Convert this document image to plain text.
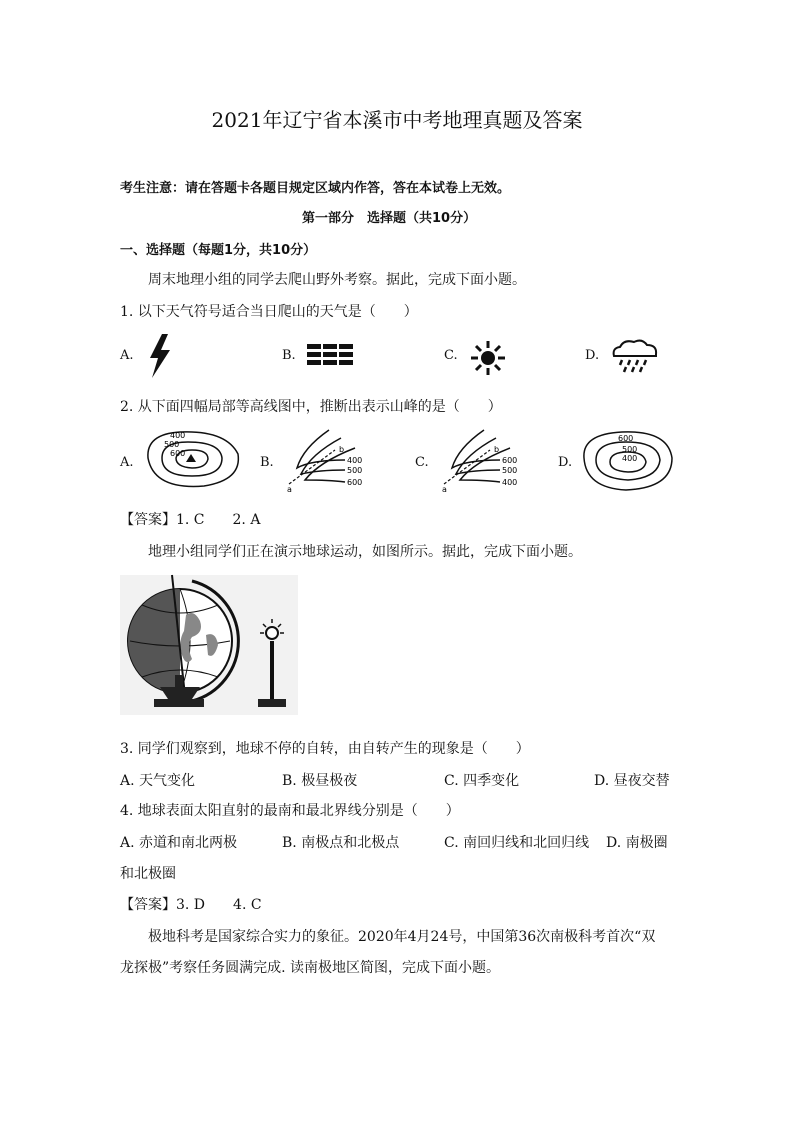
2021年辽宁省本溪市中考地理真题及答案
考生注意：请在答题卡各题目规定区域内作答，答在本试卷上无效。
第一部分　选择题（共10分）
一、选择题（每题1分，共10分）
周末地理小组的同学去爬山野外考察。据此，完成下面小题。
1. 以下天气符号适合当日爬山的天气是（　　）
A.	B.	C.	D.
2. 从下面四幅局部等高线图中，推断出表示山峰的是（　　）
A.
400
500
600
B.
b
400
500
600
a
C.
b
600
500
400
a
D.
600
500
400
【答案】1. C　　2. A
地理小组同学们正在演示地球运动，如图所示。据此，完成下面小题。
3. 同学们观察到，地球不停的自转，由自转产生的现象是（　　）
A. 天气变化	B. 极昼极夜	C. 四季变化	D. 昼夜交替
4. 地球表面太阳直射的最南和最北界线分别是（　　）
A. 赤道和南北两极	B. 南极点和北极点	C. 南回归线和北回归线 D. 南极圈
和北极圈
【答案】3. D　　4. C
极地科考是国家综合实力的象征。2020年4月24号，中国第36次南极科考首次“双
龙探极”考察任务圆满完成. 读南极地区简图，完成下面小题。
